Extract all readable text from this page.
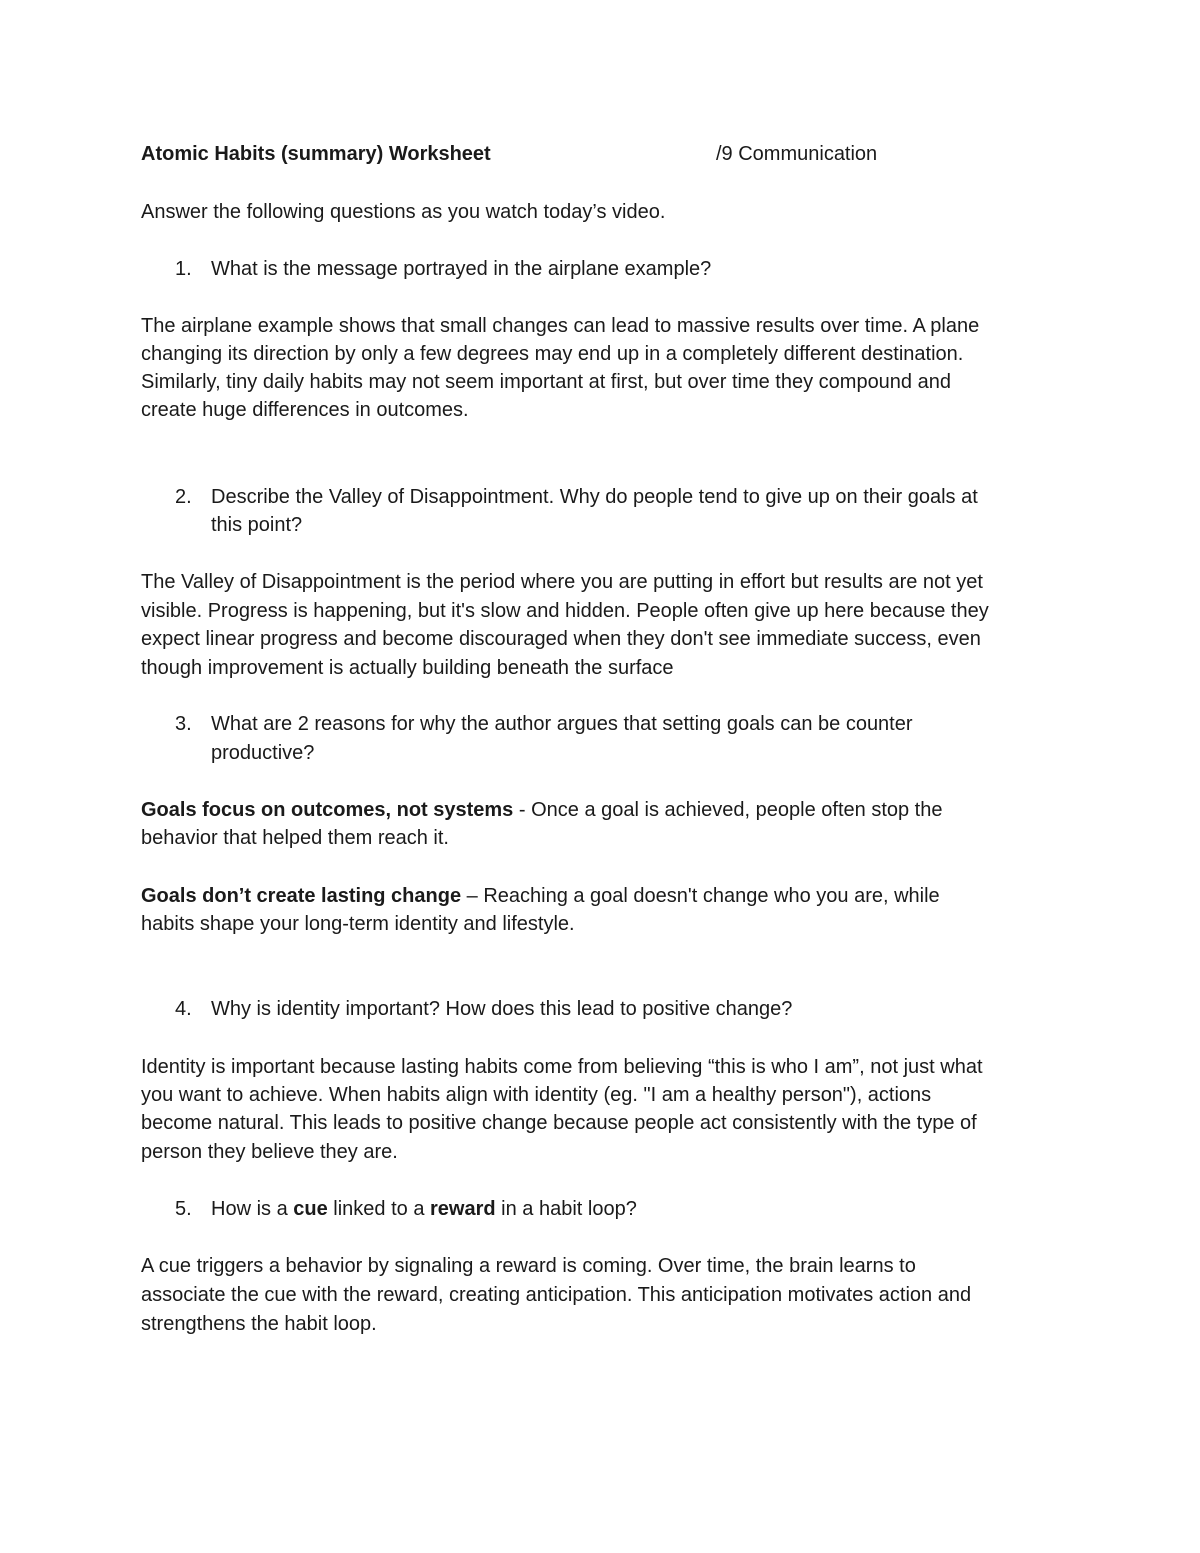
Atomic Habits (summary) Worksheet	/9 Communication
Answer the following questions as you watch today’s video.
1. What is the message portrayed in the airplane example?
The airplane example shows that small changes can lead to massive results over time. A plane
changing its direction by only a few degrees may end up in a completely different destination.
Similarly, tiny daily habits may not seem important at first, but over time they compound and
create huge differences in outcomes.
2. Describe the Valley of Disappointment. Why do people tend to give up on their goals at
this point?
The Valley of Disappointment is the period where you are putting in effort but results are not yet
visible. Progress is happening, but it's slow and hidden. People often give up here because they
expect linear progress and become discouraged when they don't see immediate success, even
though improvement is actually building beneath the surface
3. What are 2 reasons for why the author argues that setting goals can be counter
productive?
Goals focus on outcomes, not systems - Once a goal is achieved, people often stop the
behavior that helped them reach it.
Goals don’t create lasting change – Reaching a goal doesn't change who you are, while
habits shape your long-term identity and lifestyle.
4. Why is identity important? How does this lead to positive change?
Identity is important because lasting habits come from believing “this is who I am”, not just what
you want to achieve. When habits align with identity (eg. "I am a healthy person"), actions
become natural. This leads to positive change because people act consistently with the type of
person they believe they are.
5. How is a cue linked to a reward in a habit loop?
A cue triggers a behavior by signaling a reward is coming. Over time, the brain learns to
associate the cue with the reward, creating anticipation. This anticipation motivates action and
strengthens the habit loop.
